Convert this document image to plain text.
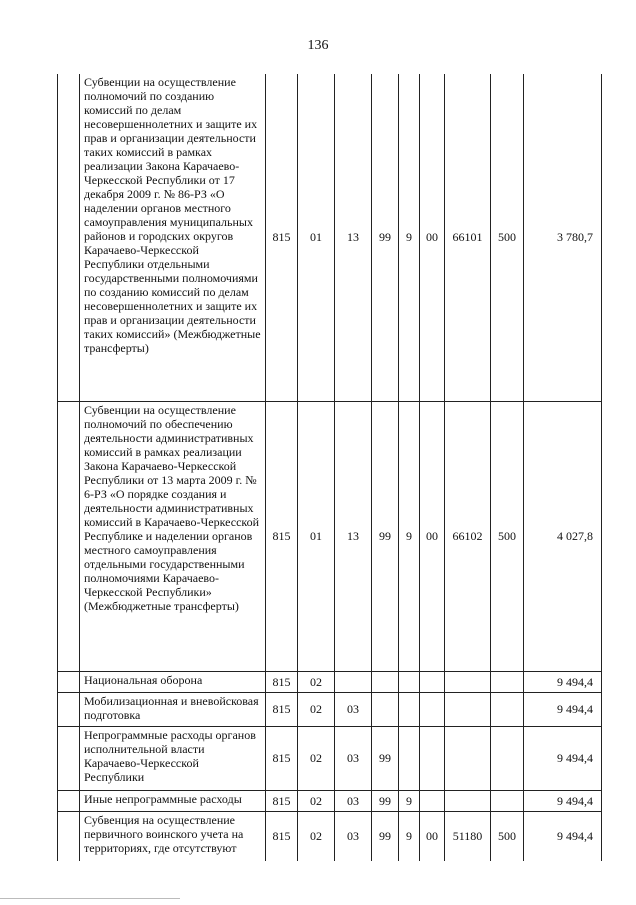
136
	Субвенции на осуществление полномочий по созданию комиссий по делам несовершеннолетних и защите их прав и организации деятельности таких комиссий в рамках реализации Закона Карачаево-Черкесской Республики от 17 декабря 2009 г. № 86-РЗ «О наделении органов местного самоуправления муниципальных районов и городских округов Карачаево-Черкесской Республики отдельными государственными полномочиями по созданию комиссий по делам несовершеннолетних и защите их прав и организации деятельности таких комиссий» (Межбюджетные трансферты)	815	01	13	99	9	00	66101	500	3 780,7
	Субвенции на осуществление полномочий по обеспечению деятельности административных комиссий в рамках реализации Закона Карачаево-Черкесской Республики от 13 марта 2009 г. № 6-РЗ «О порядке создания и деятельности административных комиссий в Карачаево-Черкесской Республике и наделении органов местного самоуправления отдельными государственными полномочиями Карачаево-Черкесской Республики» (Межбюджетные трансферты)	815	01	13	99	9	00	66102	500	4 027,8
	Национальная оборона	815	02							9 494,4
	Мобилизационная и вневойсковая подготовка	815	02	03						9 494,4
	Непрограммные расходы органов исполнительной власти Карачаево-Черкесской Республики	815	02	03	99					9 494,4
	Иные непрограммные расходы	815	02	03	99	9				9 494,4
	Субвенция на осуществление первичного воинского учета на территориях, где отсутствуют	815	02	03	99	9	00	51180	500	9 494,4
